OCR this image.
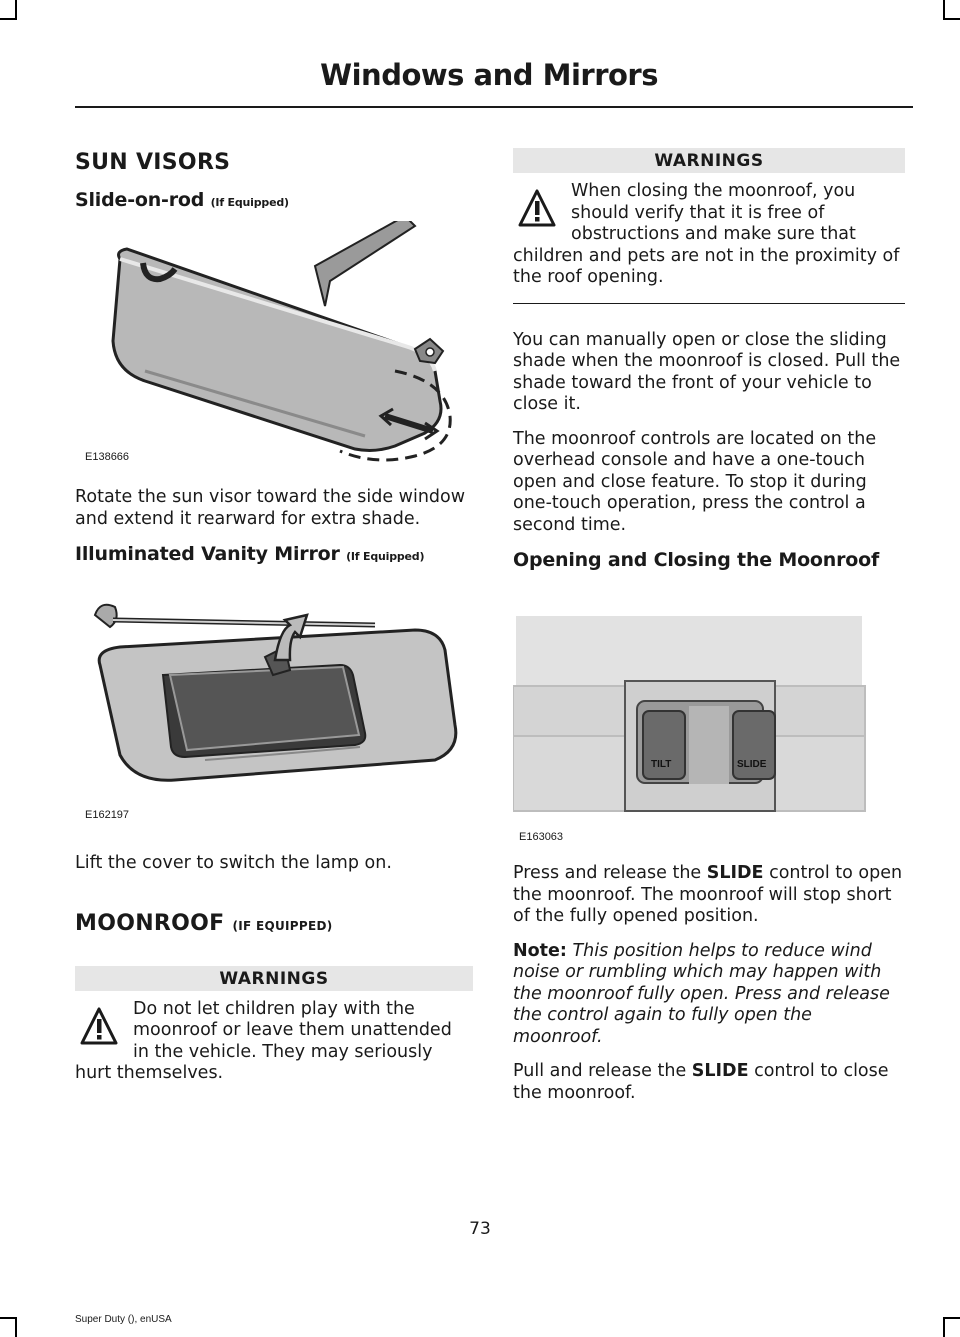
Windows and Mirrors
SUN VISORS
Slide-on-rod (If Equipped)
E138666

Rotate the sun visor toward the side window and extend it rearward for extra shade.

Illuminated Vanity Mirror (If Equipped)
E162197

Lift the cover to switch the lamp on.

MOONROOF (IF EQUIPPED)
WARNINGS
Do not let children play with the moonroof or leave them unattended in the vehicle. They may seriously hurt themselves.
WARNINGS
When closing the moonroof, you should verify that it is free of obstructions and make sure that children and pets are not in the proximity of the roof opening.

You can manually open or close the sliding shade when the moonroof is closed. Pull the shade toward the front of your vehicle to close it.

The moonroof controls are located on the overhead console and have a one-touch open and close feature. To stop it during one-touch operation, press the control a second time.

Opening and Closing the Moonroof
TILT	SLIDE
E163063

Press and release the SLIDE control to open the moonroof. The moonroof will stop short of the fully opened position.

Note: This position helps to reduce wind noise or rumbling which may happen with the moonroof fully open. Press and release the control again to fully open the moonroof.

Pull and release the SLIDE control to close the moonroof.

73
Super Duty (), enUSA
